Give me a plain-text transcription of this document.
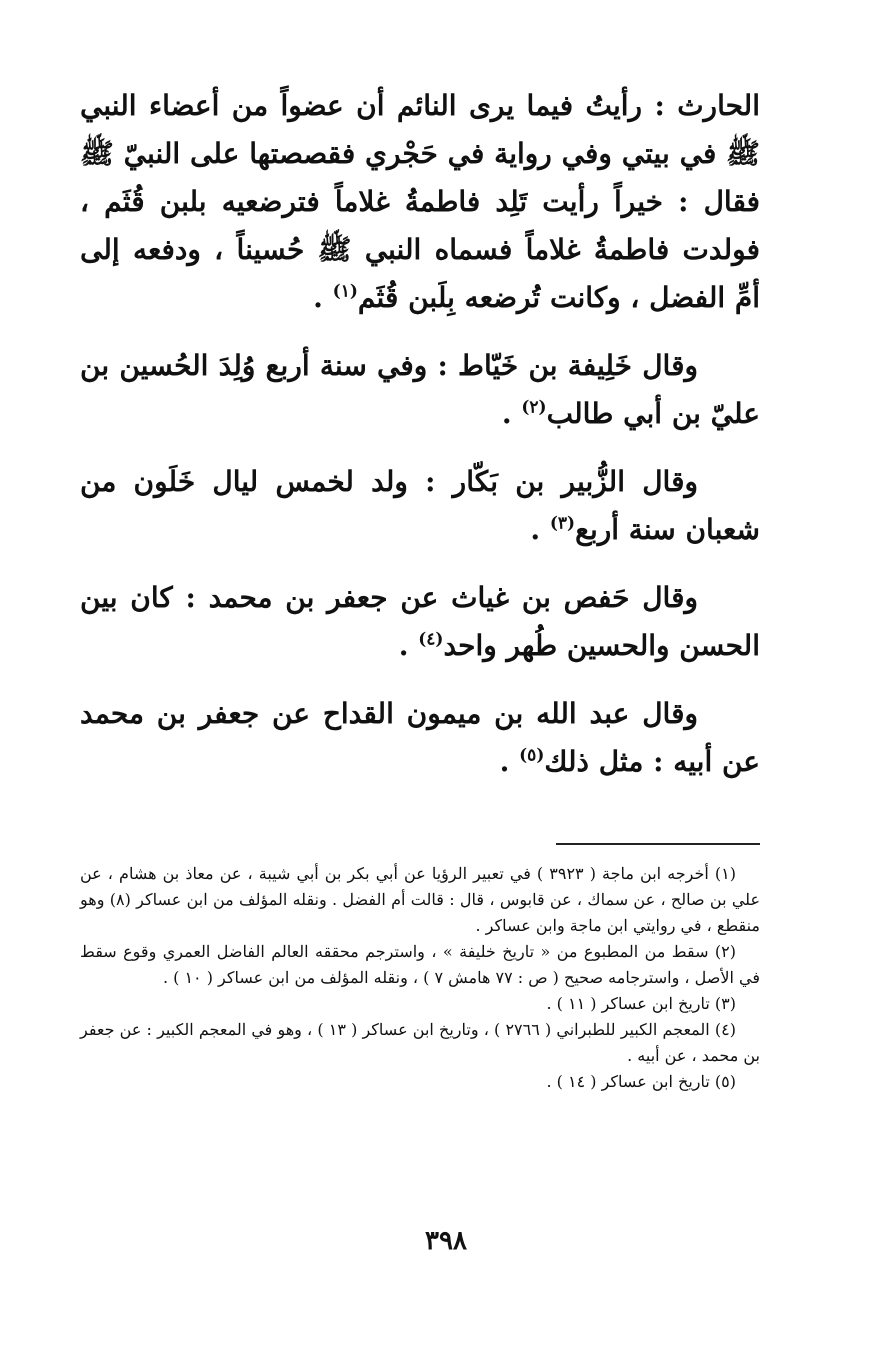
الحارث : رأيتُ فيما يرى النائم أن عضواً من أعضاء النبي ﷺ في بيتي وفي رواية في حَجْري فقصصتها على النبيّ ﷺ فقال : خيراً رأيت تَلِد فاطمةُ غلاماً فترضعيه بلبن قُثَم ، فولدت فاطمةُ غلاماً فسماه النبي ﷺ حُسيناً ، ودفعه إلى أمِّ الفضل ، وكانت تُرضعه بِلَبن قُثَم$^{(١)}$ .

وقال خَلِيفة بن خَيّاط : وفي سنة أربع وُلِدَ الحُسين بن عليّ بن أبي طالب$^{(٢)}$ .

وقال الزُّبير بن بَكّار : ولد لخمس ليال خَلَون من شعبان سنة أربع$^{(٣)}$ .

وقال حَفص بن غياث عن جعفر بن محمد : كان بين الحسن والحسين طُهر واحد$^{(٤)}$ .

وقال عبد الله بن ميمون القداح عن جعفر بن محمد عن أبيه : مثل ذلك$^{(٥)}$ .

(١) أخرجه ابن ماجة ( ٣٩٢٣ ) في تعبير الرؤيا عن أبي بكر بن أبي شيبة ، عن معاذ بن هشام ، عن علي بن صالح ، عن سماك ، عن قابوس ، قال : قالت أم الفضل . ونقله المؤلف من ابن عساكر (٨) وهو منقطع ، في روايتي ابن ماجة وابن عساكر .

(٢) سقط من المطبوع من « تاريخ خليفة » ، واسترجم محققه العالم الفاضل العمري وقوع سقط في الأصل ، واسترجامه صحيح ( ص : ٧٧ هامش ٧ ) ، ونقله المؤلف من ابن عساكر ( ١٠ ) .

(٣) تاريخ ابن عساكر ( ١١ ) .

(٤) المعجم الكبير للطبراني ( ٢٧٦٦ ) ، وتاريخ ابن عساكر ( ١٣ ) ، وهو في المعجم الكبير : عن جعفر بن محمد ، عن أبيه .

(٥) تاريخ ابن عساكر ( ١٤ ) .

٣٩٨
